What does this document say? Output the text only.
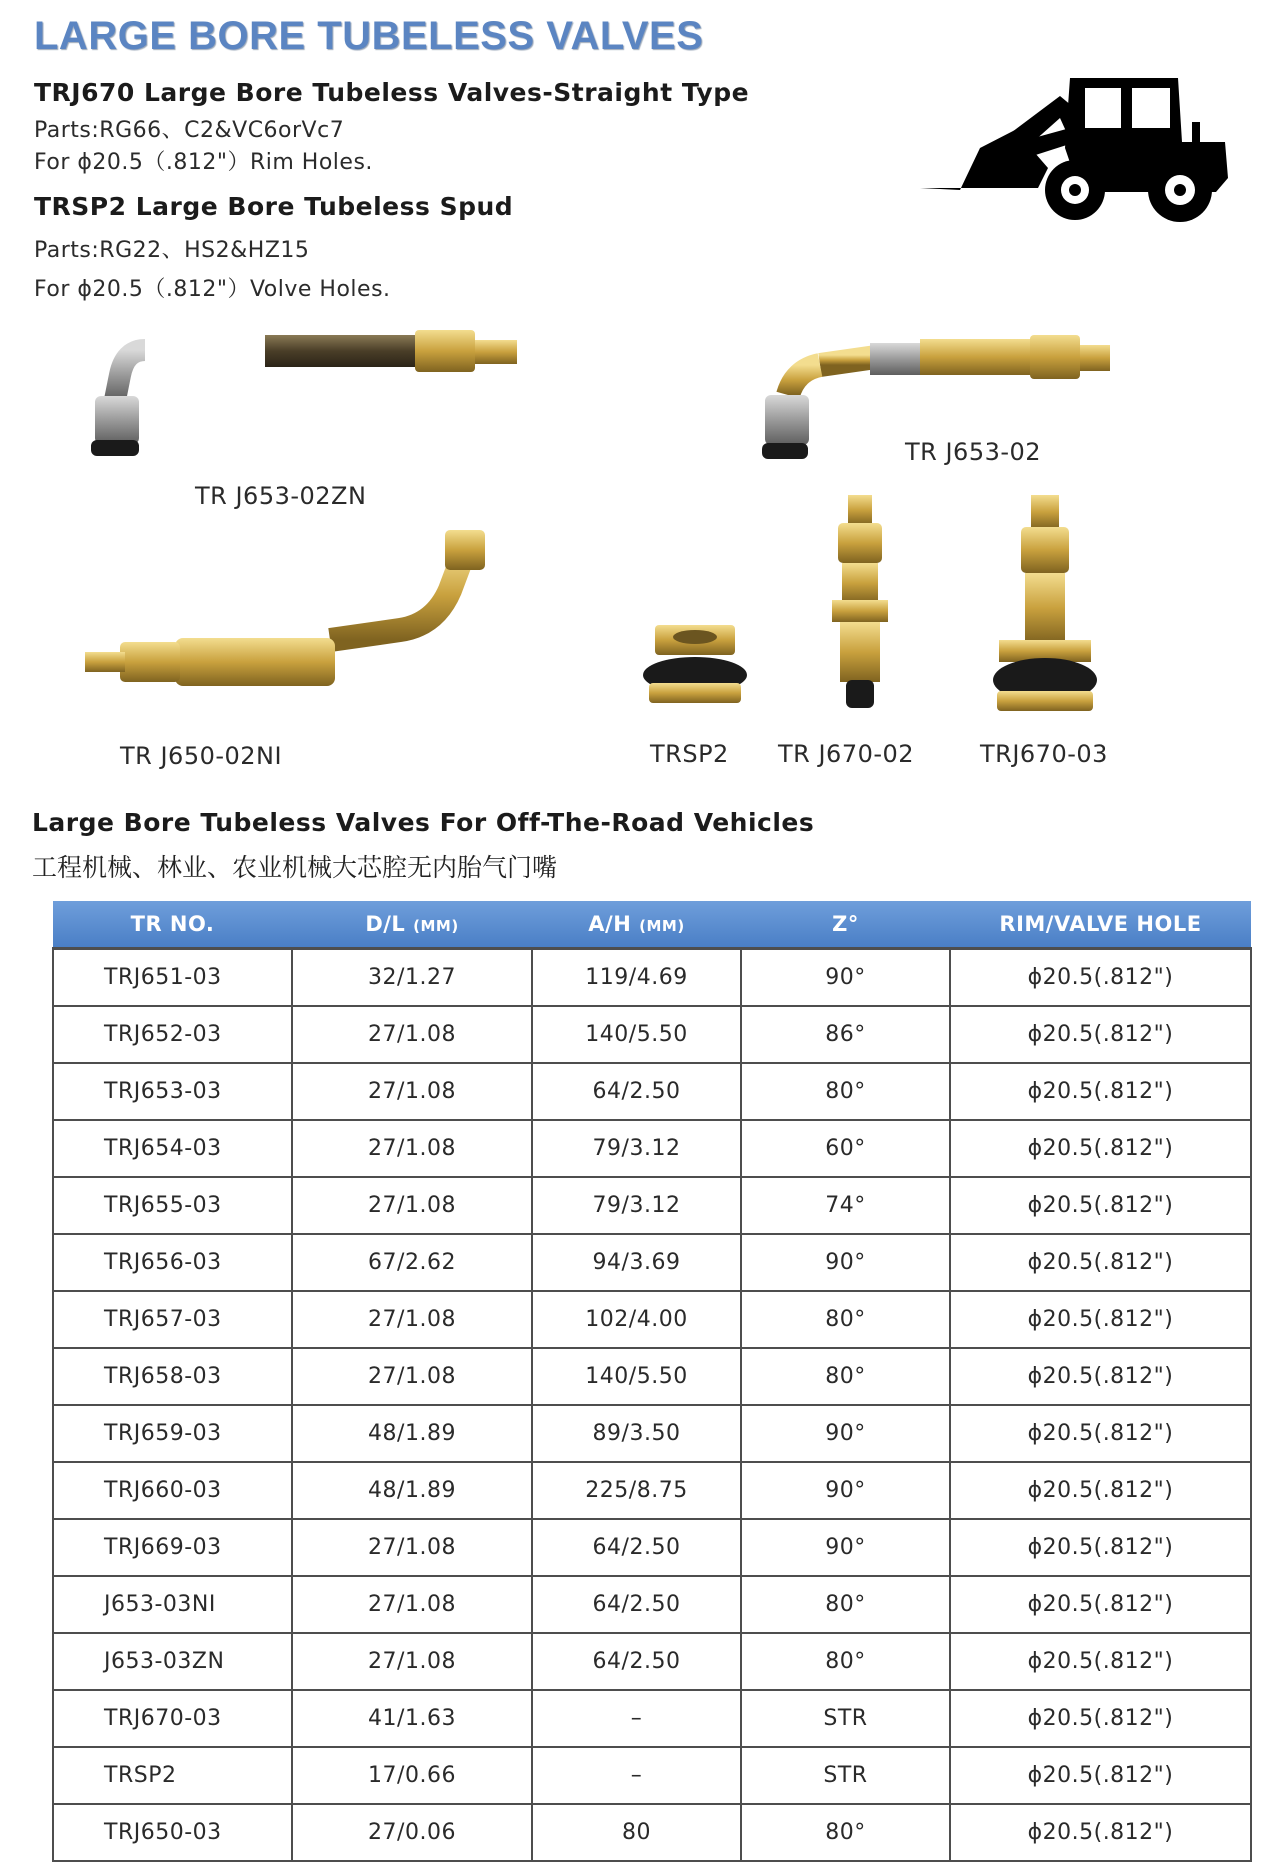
LARGE BORE TUBELESS VALVES
TRJ670 Large Bore Tubeless Valves-Straight Type
Parts:RG66、C2&VC6orVc7
For ɸ20.5（.812"）Rim Holes.
TRSP2 Large Bore Tubeless Spud
Parts:RG22、HS2&HZ15
For ɸ20.5（.812"）Volve Holes.
TR J653-02ZN
TR J653-02
TR J650-02NI	TRSP2 TR J670-02	TRJ670-03
Large Bore Tubeless Valves For Off-The-Road Vehicles
工程机械、林业、农业机械大芯腔无内胎气门嘴
TR NO.	D/L (MM)	A/H (MM)	Z°	RIM/VALVE HOLE
TRJ651-03	32/1.27	119/4.69	90°	ɸ20.5(.812")
TRJ652-03	27/1.08	140/5.50	86°	ɸ20.5(.812")
TRJ653-03	27/1.08	64/2.50	80°	ɸ20.5(.812")
TRJ654-03	27/1.08	79/3.12	60°	ɸ20.5(.812")
TRJ655-03	27/1.08	79/3.12	74°	ɸ20.5(.812")
TRJ656-03	67/2.62	94/3.69	90°	ɸ20.5(.812")
TRJ657-03	27/1.08	102/4.00	80°	ɸ20.5(.812")
TRJ658-03	27/1.08	140/5.50	80°	ɸ20.5(.812")
TRJ659-03	48/1.89	89/3.50	90°	ɸ20.5(.812")
TRJ660-03	48/1.89	225/8.75	90°	ɸ20.5(.812")
TRJ669-03	27/1.08	64/2.50	90°	ɸ20.5(.812")
J653-03NI	27/1.08	64/2.50	80°	ɸ20.5(.812")
J653-03ZN	27/1.08	64/2.50	80°	ɸ20.5(.812")
TRJ670-03	41/1.63	–	STR	ɸ20.5(.812")
TRSP2	17/0.66	–	STR	ɸ20.5(.812")
TRJ650-03	27/0.06	80	80°	ɸ20.5(.812")
